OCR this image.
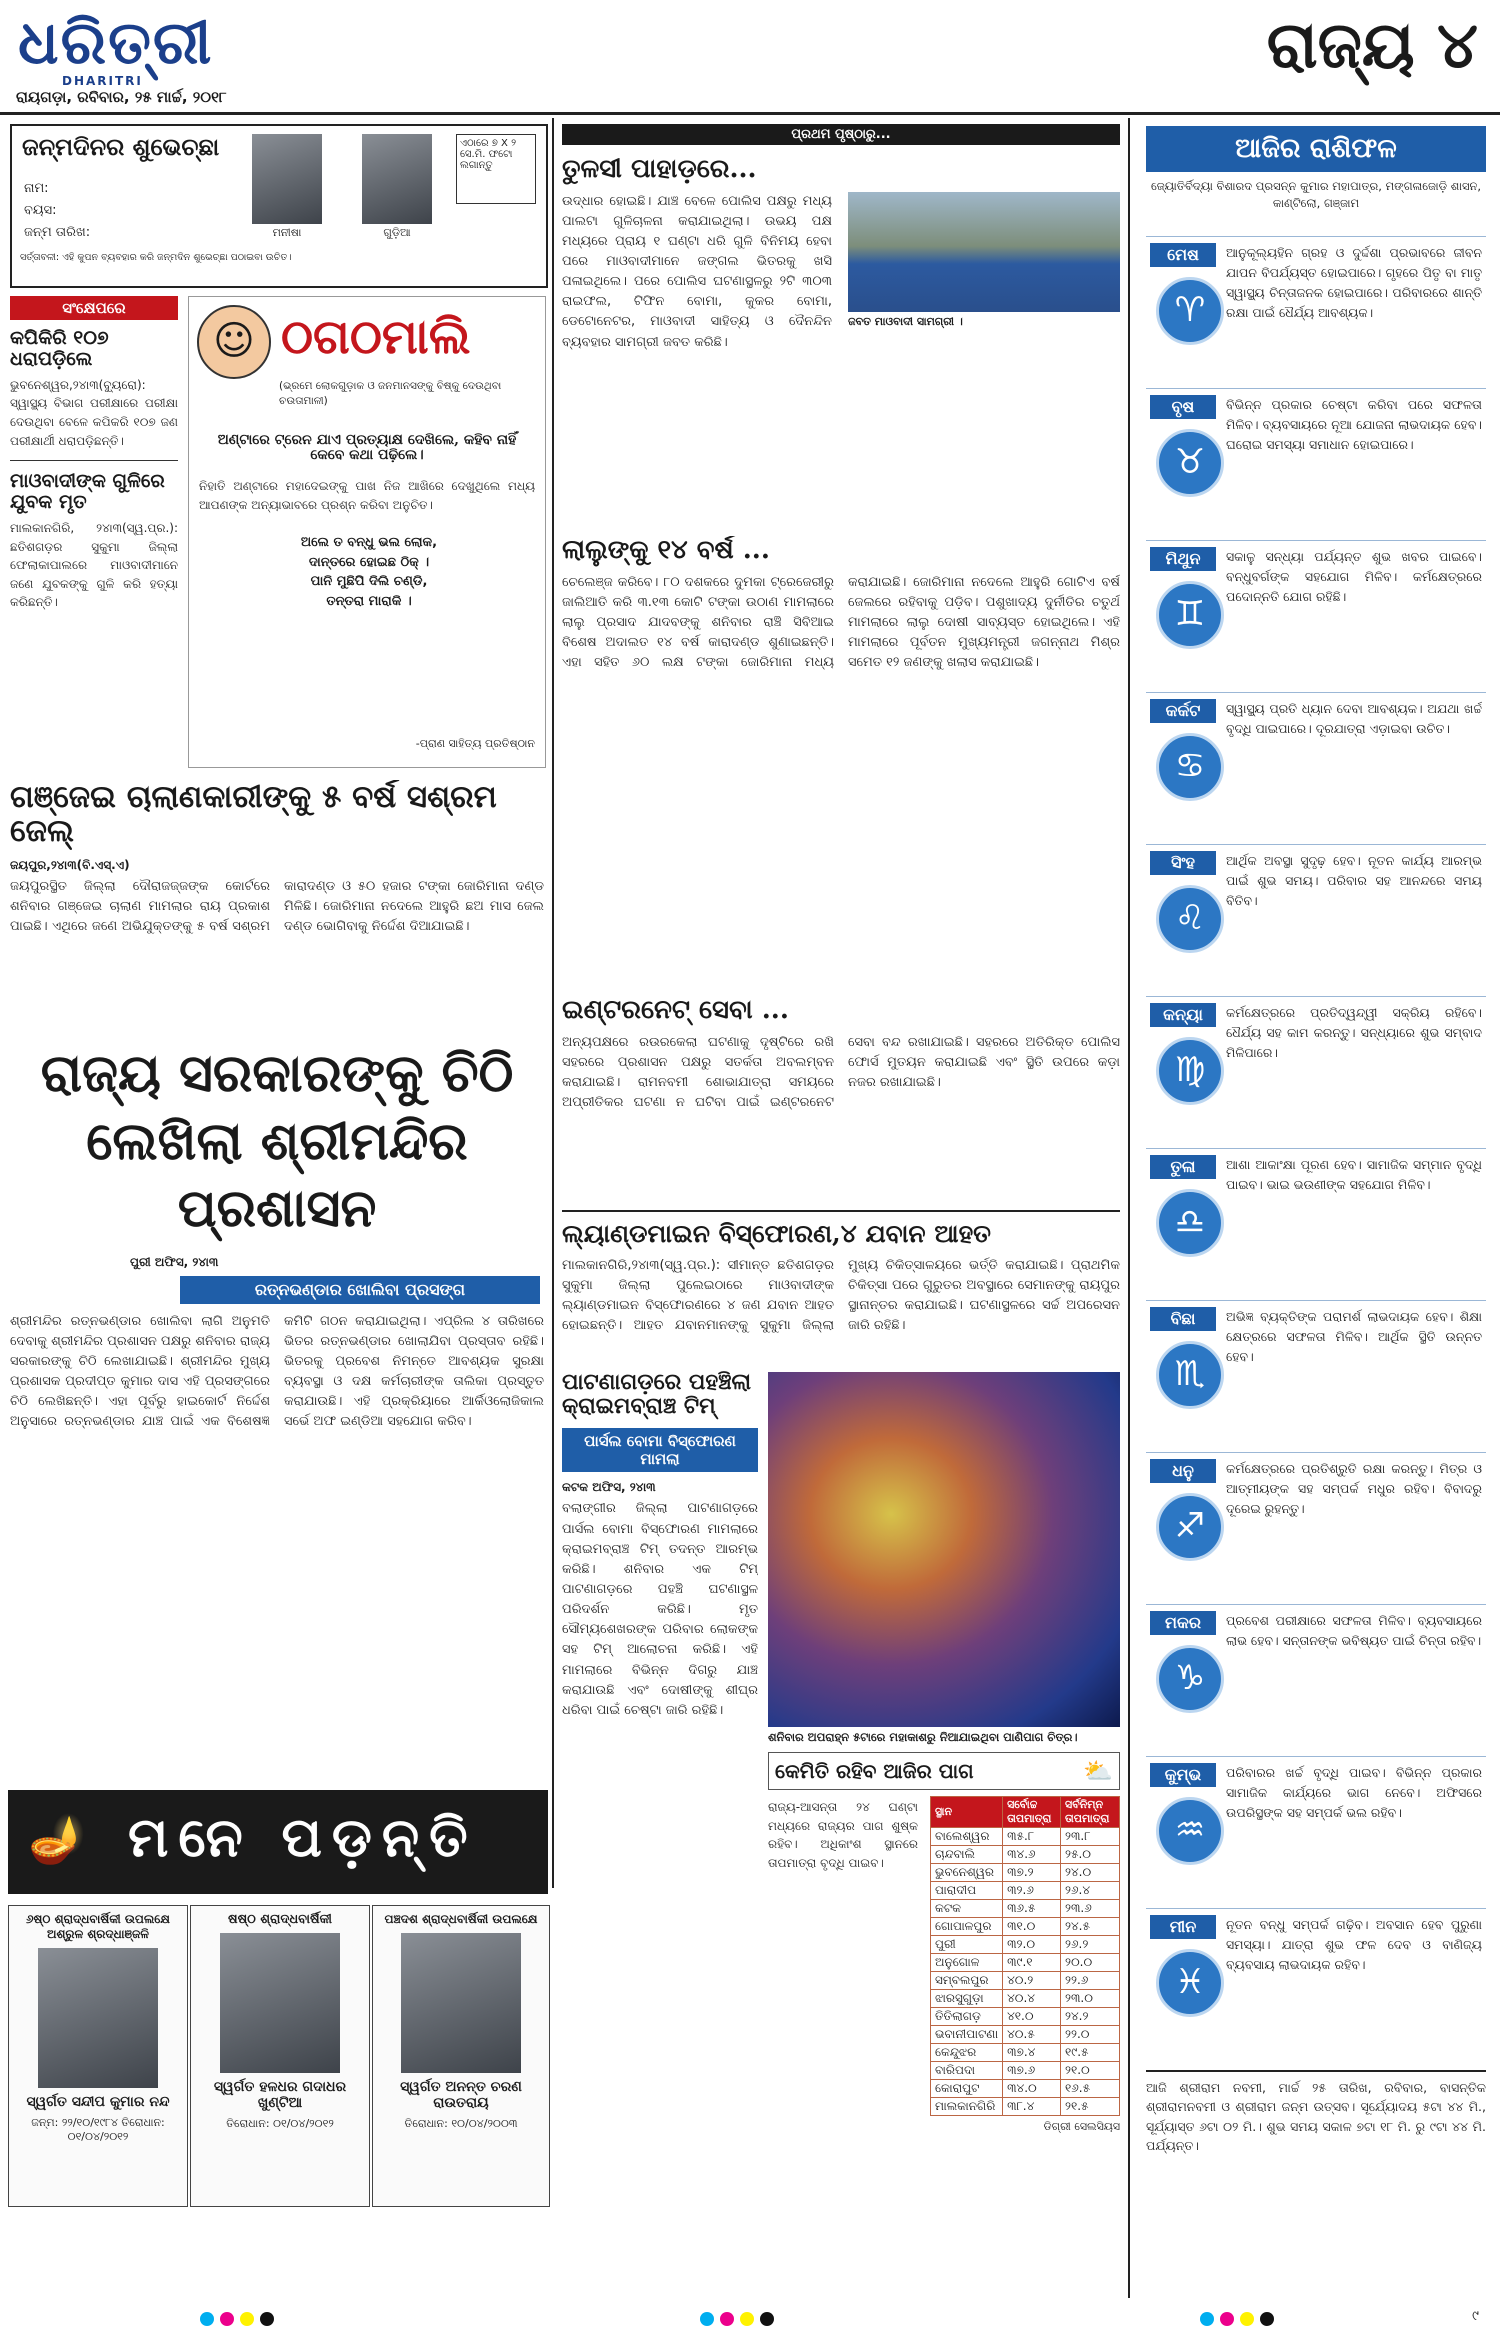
ଧରିତ୍ରୀ
DHARITRI
ରାୟଗଡ଼ା, ରବିବାର, ୨୫ ମାର୍ଚ୍ଚ, ୨୦୧୮
ରାଜ୍ୟ ୪
ଜନ୍ମଦିନର ଶୁଭେଚ୍ଛା
ନାମ:
ବୟସ:
ଜନ୍ମ ତାରିଖ:	ମନୀଷା	ଗୁଡ଼ିଆ
ଏଠାରେ ୭ X ୨ ସେ.ମି. ଫଟୋ ଲଗାନ୍ତୁ
ସର୍ତ୍ତାବଳୀ: ଏହି କୁପନ ବ୍ୟବହାର କରି ଜନ୍ମଦିନ ଶୁଭେଚ୍ଛା ପଠାଇବା ଉଚିତ।
ସଂକ୍ଷେପରେ
କପିକିରି ୧୦୭ ଧରାପଡ଼ିଲେ
ଭୁବନେଶ୍ୱର,୨୪ା୩(ବ୍ୟୁରୋ): ସ୍ୱାସ୍ଥ୍ୟ ବିଭାଗ ପରୀକ୍ଷାରେ ପରୀକ୍ଷା ଦେଉଥିବା ବେଳେ କପିକରି ୧୦୭ ଜଣ ପରୀକ୍ଷାର୍ଥୀ ଧରାପଡ଼ିଛନ୍ତି।
ମାଓବାଦୀଙ୍କ ଗୁଳିରେ ଯୁବକ ମୃତ
ମାଲକାନଗିରି, ୨୪ା୩(ସ୍ୱ.ପ୍ର.): ଛତିଶଗଡ଼ର ସୁକୁମା ଜିଲ୍ଲା ଫେଲାକାପାଲରେ ମାଓବାଦୀମାନେ ଜଣେ ଯୁବକଙ୍କୁ ଗୁଳି କରି ହତ୍ୟା କରିଛନ୍ତି।
☺ ଠଗଠମାଲି
(ଭ୍ରମେ ଲୋକଗୁଡ଼ାକ ଓ ଜନମାନସଙ୍କୁ ବିଷ୍କୁ ଦେଉଥିବା ଚଉତାମାଳୀ)
ଅଣ୍ଟାରେ ଟ୍ରେନ ଯାଏ ପ୍ରତ୍ୟାକ୍ଷ ଦେଖିଲେ, କହିବ ନାହିଁ କେବେ କଥା ପଢ଼ିଲେ।
ନିହାତି ଅଣ୍ଟାରେ ମହାଦେଇଙ୍କୁ ପାଖ ନିଜ ଆଖିରେ ଦେଖୁଥିଲେ ମଧ୍ୟ ଆପଣଙ୍କ ଅନ୍ୟାଭାବରେ ପ୍ରଶ୍ନ କରିବା ଅନୁଚିତ।
ଅଲେ ତ ବନ୍ଧୁ ଭଲ ଲୋକ,
ଦାନ୍ତରେ ହୋଇଛ ଠିକ୍ ।
ପାନି ମୁଛିପି ଦିଲି ଚଣ୍ଡି,
ତନ୍ତରା ମାରାକି ।
-ପ୍ରାଣ ସାହିତ୍ୟ ପ୍ରତିଷ୍ଠାନ
ଗଞ୍ଜେଇ ଚାଲାଣକାରୀଙ୍କୁ ୫ ବର୍ଷ ସଶ୍ରମ ଜେଲ୍
ଜୟପୁର,୨୪ା୩(ବି.ଏସ୍.ଏ)
ଜୟପୁରସ୍ଥିତ ଜିଲ୍ଲା ଦୌରାଜଜ୍ଜଙ୍କ କୋର୍ଟରେ ଶନିବାର ଗଞ୍ଜେଇ ଚାଲାଣ ମାମଲାର ରାୟ ପ୍ରକାଶ ପାଇଛି। ଏଥିରେ ଜଣେ ଅଭିଯୁକ୍ତଙ୍କୁ ୫ ବର୍ଷ ସଶ୍ରମ କାରାଦଣ୍ଡ ଓ ୫୦ ହଜାର ଟଙ୍କା ଜୋରିମାନା ଦଣ୍ଡ ମିଳିଛି। ଜୋରିମାନା ନଦେଲେ ଆହୁରି ଛଅ ମାସ ଜେଲ ଦଣ୍ଡ ଭୋଗିବାକୁ ନିର୍ଦ୍ଦେଶ ଦିଆଯାଇଛି।
ରାଜ୍ୟ ସରକାରଙ୍କୁ ଚିଠି ଲେଖିଲା ଶ୍ରୀମନ୍ଦିର ପ୍ରଶାସନ
ପୁରୀ ଅଫିସ, ୨୪ା୩
ରତ୍ନଭଣ୍ଡାର ଖୋଲିବା ପ୍ରସଙ୍ଗ
ଶ୍ରୀମନ୍ଦିର ରତ୍ନଭଣ୍ଡାର ଖୋଲିବା ଲାଗି ଅନୁମତି ଦେବାକୁ ଶ୍ରୀମନ୍ଦିର ପ୍ରଶାସନ ପକ୍ଷରୁ ଶନିବାର ରାଜ୍ୟ ସରକାରଙ୍କୁ ଚିଠି ଲେଖାଯାଇଛି। ଶ୍ରୀମନ୍ଦିର ମୁଖ୍ୟ ପ୍ରଶାସକ ପ୍ରଦୀପ୍ତ କୁମାର ଦାସ ଏହି ପ୍ରସଙ୍ଗରେ ଚିଠି ଲେଖିଛନ୍ତି। ଏହା ପୂର୍ବରୁ ହାଇକୋର୍ଟ ନିର୍ଦ୍ଦେଶ ଅନୁସାରେ ରତ୍ନଭଣ୍ଡାର ଯାଞ୍ଚ ପାଇଁ ଏକ ବିଶେଷଜ୍ଞ କମିଟି ଗଠନ କରାଯାଇଥିଲା। ଏପ୍ରିଲ ୪ ତାରିଖରେ ଭିତର ରତ୍ନଭଣ୍ଡାର ଖୋଲାଯିବା ପ୍ରସ୍ତାବ ରହିଛି। ଭିତରକୁ ପ୍ରବେଶ ନିମନ୍ତେ ଆବଶ୍ୟକ ସୁରକ୍ଷା ବ୍ୟବସ୍ଥା ଓ ଦକ୍ଷ କର୍ମଚାରୀଙ୍କ ତାଲିକା ପ୍ରସ୍ତୁତ କରାଯାଉଛି। ଏହି ପ୍ରକ୍ରିୟାରେ ଆର୍କିଓଲୋଜିକାଲ ସର୍ଭେ ଅଫ ଇଣ୍ଡିଆ ସହଯୋଗ କରିବ।
🪔 ମନେ ପଡ଼ନ୍ତି
୬ଷ୍ଠ ଶ୍ରାଦ୍ଧବାର୍ଷିକୀ ଉପଲକ୍ଷେ ଅଶ୍ରୁଳ ଶ୍ରଦ୍ଧାଞ୍ଜଳି
ସ୍ୱର୍ଗତ ସନ୍ଦୀପ କୁମାର ନନ୍ଦ
ଜନ୍ମ: ୨୨/୧୦/୧୯୮୪ ତିରୋଧାନ: ୦୧/୦୪/୨୦୧୨
ଷଷ୍ଠ ଶ୍ରାଦ୍ଧବାର୍ଷିକୀ
ସ୍ୱର୍ଗତ ହଳଧର ଗଦାଧର ଖୁଣ୍ଟିଆ
ତିରୋଧାନ: ୦୧/୦୪/୨୦୧୨
ପଞ୍ଚଦଶ ଶ୍ରାଦ୍ଧବାର୍ଷିକୀ ଉପଲକ୍ଷେ
ସ୍ୱର୍ଗତ ଅନନ୍ତ ଚରଣ ରାଉତରାୟ
ତିରୋଧାନ: ୧୦/୦୪/୨୦୦୩
ପ୍ରଥମ ପୃଷ୍ଠାରୁ...
ତୁଳସୀ ପାହାଡ଼ରେ...
ଉଦ୍ଧାର ହୋଇଛି। ଯାଞ୍ଚ ବେଳେ ପୋଲିସ ପକ୍ଷରୁ ମଧ୍ୟ ପାଲଟା ଗୁଳିଚାଳନା କରାଯାଇଥିଲା। ଉଭୟ ପକ୍ଷ ମଧ୍ୟରେ ପ୍ରାୟ ୧ ଘଣ୍ଟା ଧରି ଗୁଳି ବିନିମୟ ହେବା ପରେ ମାଓବାଦୀମାନେ ଜଙ୍ଗଲ ଭିତରକୁ ଖସି ପଳାଇଥିଲେ। ପରେ ପୋଲିସ ଘଟଣାସ୍ଥଳରୁ ୨ଟି ୩୦୩ ରାଇଫଲ, ଟିଫିନ ବୋମା, କୁକର ବୋମା, ଡେଟୋନେଟର, ମାଓବାଦୀ ସାହିତ୍ୟ ଓ ଦୈନନ୍ଦିନ ବ୍ୟବହାର ସାମଗ୍ରୀ ଜବତ କରିଛି।
ଜବତ ମାଓବାଦୀ ସାମଗ୍ରୀ ।
ଲାଲୁଙ୍କୁ ୧୪ ବର୍ଷ ...
ଚେଲେଞ୍ଜ କରିବେ। ୮୦ ଦଶକରେ ଦୁମକା ଟ୍ରେଜେରୀରୁ ଜାଲିଆତି କରି ୩.୧୩ କୋଟି ଟଙ୍କା ଉଠାଣ ମାମଲାରେ ଲାଲୁ ପ୍ରସାଦ ଯାଦବଙ୍କୁ ଶନିବାର ରାଞ୍ଚି ସିବିଆଇ ବିଶେଷ ଅଦାଲତ ୧୪ ବର୍ଷ କାରାଦଣ୍ଡ ଶୁଣାଇଛନ୍ତି। ଏହା ସହିତ ୬୦ ଲକ୍ଷ ଟଙ୍କା ଜୋରିମାନା ମଧ୍ୟ କରାଯାଇଛି। ଜୋରିମାନା ନଦେଲେ ଆହୁରି ଗୋଟିଏ ବର୍ଷ ଜେଲରେ ରହିବାକୁ ପଡ଼ିବ। ପଶୁଖାଦ୍ୟ ଦୁର୍ନୀତିର ଚତୁର୍ଥ ମାମଲାରେ ଲାଲୁ ଦୋଷୀ ସାବ୍ୟସ୍ତ ହୋଇଥିଲେ। ଏହି ମାମଲାରେ ପୂର୍ବତନ ମୁଖ୍ୟମନ୍ତ୍ରୀ ଜଗନ୍ନାଥ ମିଶ୍ର ସମେତ ୧୨ ଜଣଙ୍କୁ ଖଲାସ କରାଯାଇଛି।
ଇଣ୍ଟରନେଟ୍ ସେବା ...
ଅନ୍ୟପକ୍ଷରେ ରଉରକେଲା ଘଟଣାକୁ ଦୃଷ୍ଟିରେ ରଖି ସହରରେ ପ୍ରଶାସନ ପକ୍ଷରୁ ସତର୍କତା ଅବଲମ୍ବନ କରାଯାଇଛି। ରାମନବମୀ ଶୋଭାଯାତ୍ରା ସମୟରେ ଅପ୍ରୀତିକର ଘଟଣା ନ ଘଟିବା ପାଇଁ ଇଣ୍ଟରନେଟ ସେବା ବନ୍ଦ ରଖାଯାଇଛି। ସହରରେ ଅତିରିକ୍ତ ପୋଲିସ ଫୋର୍ସ ମୁତୟନ କରାଯାଇଛି ଏବଂ ସ୍ଥିତି ଉପରେ କଡ଼ା ନଜର ରଖାଯାଇଛି।
ଲ୍ୟାଣ୍ଡମାଇନ ବିସ୍ଫୋରଣ,୪ ଯବାନ ଆହତ
ମାଲକାନଗିରି,୨୪ା୩(ସ୍ୱ.ପ୍ର.): ସୀମାନ୍ତ ଛତିଶଗଡ଼ର ସୁକୁମା ଜିଲ୍ଲା ପୁଲେଇଠାରେ ମାଓବାଦୀଙ୍କ ଲ୍ୟାଣ୍ଡମାଇନ ବିସ୍ଫୋରଣରେ ୪ ଜଣ ଯବାନ ଆହତ ହୋଇଛନ୍ତି। ଆହତ ଯବାନମାନଙ୍କୁ ସୁକୁମା ଜିଲ୍ଲା ମୁଖ୍ୟ ଚିକିତ୍ସାଳୟରେ ଭର୍ତ୍ତି କରାଯାଇଛି। ପ୍ରାଥମିକ ଚିକିତ୍ସା ପରେ ଗୁରୁତର ଅବସ୍ଥାରେ ସେମାନଙ୍କୁ ରାୟପୁର ସ୍ଥାନାନ୍ତର କରାଯାଇଛି। ଘଟଣାସ୍ଥଳରେ ସର୍ଚ୍ଚ ଅପରେସନ ଜାରି ରହିଛି।
ପାଟଣାଗଡ଼ରେ ପହଞ୍ଚିଲା କ୍ରାଇମବ୍ରାଞ୍ଚ ଟିମ୍
ପାର୍ସଲ ବୋମା ବିସ୍ଫୋରଣ ମାମଲା
କଟକ ଅଫିସ, ୨୪ା୩
ବଲାଙ୍ଗୀର ଜିଲ୍ଲା ପାଟଣାଗଡ଼ରେ ପାର୍ସଲ ବୋମା ବିସ୍ଫୋରଣ ମାମଲାରେ କ୍ରାଇମବ୍ରାଞ୍ଚ ଟିମ୍ ତଦନ୍ତ ଆରମ୍ଭ କରିଛି। ଶନିବାର ଏକ ଟିମ୍ ପାଟଣାଗଡ଼ରେ ପହଞ୍ଚି ଘଟଣାସ୍ଥଳ ପରିଦର୍ଶନ କରିଛି। ମୃତ ସୌମ୍ୟଶେଖରଙ୍କ ପରିବାର ଲୋକଙ୍କ ସହ ଟିମ୍ ଆଲୋଚନା କରିଛି। ଏହି ମାମଲାରେ ବିଭିନ୍ନ ଦିଗରୁ ଯାଞ୍ଚ କରାଯାଉଛି ଏବଂ ଦୋଷୀଙ୍କୁ ଶୀଘ୍ର ଧରିବା ପାଇଁ ଚେଷ୍ଟା ଜାରି ରହିଛି।
ଶନିବାର ଅପରାହ୍ନ ୫ଟାରେ ମହାକାଶରୁ ନିଆଯାଇଥିବା ପାଣିପାଗ ଚିତ୍ର।
କେମିତି ରହିବ ଆଜିର ପାଗ	⛅
ରାଜ୍ୟ-ଆସନ୍ତା ୨୪ ଘଣ୍ଟା ମଧ୍ୟରେ ରାଜ୍ୟର ପାଗ ଶୁଷ୍କ ରହିବ। ଅଧିକାଂଶ ସ୍ଥାନରେ ତାପମାତ୍ରା ବୃଦ୍ଧି ପାଇବ।
ସ୍ଥାନ	ସର୍ବୋଚ୍ଚ ତାପମାତ୍ରା	ସର୍ବନିମ୍ନ ତାପମାତ୍ରା
ବାଲେଶ୍ୱର	୩୫.୮	୨୩.୮
ଚାନ୍ଦବାଲି	୩୪.୬	୨୫.୦
ଭୁବନେଶ୍ୱର	୩୭.୨	୨୪.୦
ପାରାଦୀପ	୩୨.୬	୨୬.୪
କଟକ	୩୬.୫	୨୩.୬
ଗୋପାଳପୁର	୩୧.୦	୨୪.୫
ପୁରୀ	୩୨.୦	୨୬.୨
ଅନୁଗୋଳ	୩୯.୧	୨୦.୦
ସମ୍ବଲପୁର	୪୦.୨	୨୨.୬
ଝାରସୁଗୁଡ଼ା	୪୦.୪	୨୩.୦
ତିତିଲାଗଡ଼	୪୧.୦	୨୪.୨
ଭବାନୀପାଟଣା	୪୦.୫	୨୨.୦
କେନ୍ଦୁଝର	୩୭.୪	୧୯.୫
ବାରିପଦା	୩୭.୬	୨୧.୦
କୋରାପୁଟ	୩୪.୦	୧୬.୫
ମାଲକାନଗିରି	୩୮.୪	୨୧.୫
ଡିଗ୍ରୀ ସେଲସିୟସ
ଆଜିର ରାଶିଫଳ
ଜ୍ୟୋତିର୍ବିଦ୍ୟା ବିଶାରଦ ପ୍ରସନ୍ନ କୁମାର ମହାପାତ୍ର, ମଙ୍ଗଳାଜୋଡ଼ି ଶାସନ, କାଣ୍ଟିଲୋ, ଗଞ୍ଜାମ
ମେଷ
♈
ଆନୁକୂଲ୍ୟହିନ ଗ୍ରହ ଓ ଦୁର୍ଦ୍ଦଶା ପ୍ରଭାବରେ ଜୀବନ ଯାପନ ବିପର୍ଯ୍ୟସ୍ତ ହୋଇପାରେ। ଗୃହରେ ପିତୃ ବା ମାତୃ ସ୍ୱାସ୍ଥ୍ୟ ଚିନ୍ତାଜନକ ହୋଇପାରେ। ପରିବାରରେ ଶାନ୍ତି ରକ୍ଷା ପାଇଁ ଧୈର୍ଯ୍ୟ ଆବଶ୍ୟକ।
ବୃଷ
♉
ବିଭିନ୍ନ ପ୍ରକାର ଚେଷ୍ଟା କରିବା ପରେ ସଫଳତା ମିଳିବ। ବ୍ୟବସାୟରେ ନୂଆ ଯୋଜନା ଲାଭଦାୟକ ହେବ। ଘରୋଇ ସମସ୍ୟା ସମାଧାନ ହୋଇପାରେ।
ମିଥୁନ
♊
ସକାଳୁ ସନ୍ଧ୍ୟା ପର୍ଯ୍ୟନ୍ତ ଶୁଭ ଖବର ପାଇବେ। ବନ୍ଧୁବର୍ଗଙ୍କ ସହଯୋଗ ମିଳିବ। କର୍ମକ୍ଷେତ୍ରରେ ପଦୋନ୍ନତି ଯୋଗ ରହିଛି।
କର୍କଟ
♋
ସ୍ୱାସ୍ଥ୍ୟ ପ୍ରତି ଧ୍ୟାନ ଦେବା ଆବଶ୍ୟକ। ଅଯଥା ଖର୍ଚ୍ଚ ବୃଦ୍ଧି ପାଇପାରେ। ଦୂରଯାତ୍ରା ଏଡ଼ାଇବା ଉଚିତ।
ସିଂହ
♌
ଆର୍ଥିକ ଅବସ୍ଥା ସୁଦୃଢ଼ ହେବ। ନୂତନ କାର୍ଯ୍ୟ ଆରମ୍ଭ ପାଇଁ ଶୁଭ ସମୟ। ପରିବାର ସହ ଆନନ୍ଦରେ ସମୟ ବିତିବ।
କନ୍ୟା
♍
କର୍ମକ୍ଷେତ୍ରରେ ପ୍ରତିଦ୍ୱନ୍ଦ୍ୱୀ ସକ୍ରିୟ ରହିବେ। ଧୈର୍ଯ୍ୟ ସହ କାମ କରନ୍ତୁ। ସନ୍ଧ୍ୟାରେ ଶୁଭ ସମ୍ବାଦ ମିଳିପାରେ।
ତୁଳା
♎
ଆଶା ଆକାଂକ୍ଷା ପୂରଣ ହେବ। ସାମାଜିକ ସମ୍ମାନ ବୃଦ୍ଧି ପାଇବ। ଭାଇ ଭଉଣୀଙ୍କ ସହଯୋଗ ମିଳିବ।
ବିଛା
♏
ଅଭିଜ୍ଞ ବ୍ୟକ୍ତିଙ୍କ ପରାମର୍ଶ ଲାଭଦାୟକ ହେବ। ଶିକ୍ଷା କ୍ଷେତ୍ରରେ ସଫଳତା ମିଳିବ। ଆର୍ଥିକ ସ୍ଥିତି ଉନ୍ନତ ହେବ।
ଧନୁ
♐
କର୍ମକ୍ଷେତ୍ରରେ ପ୍ରତିଶ୍ରୁତି ରକ୍ଷା କରନ୍ତୁ। ମିତ୍ର ଓ ଆତ୍ମୀୟଙ୍କ ସହ ସମ୍ପର୍କ ମଧୁର ରହିବ। ବିବାଦରୁ ଦୂରେଇ ରୁହନ୍ତୁ।
ମକର
♑
ପ୍ରବେଶ ପରୀକ୍ଷାରେ ସଫଳତା ମିଳିବ। ବ୍ୟବସାୟରେ ଲାଭ ହେବ। ସନ୍ତାନଙ୍କ ଭବିଷ୍ୟତ ପାଇଁ ଚିନ୍ତା ରହିବ।
କୁମ୍ଭ
♒
ପରିବାରର ଖର୍ଚ୍ଚ ବୃଦ୍ଧି ପାଇବ। ବିଭିନ୍ନ ପ୍ରକାର ସାମାଜିକ କାର୍ଯ୍ୟରେ ଭାଗ ନେବେ। ଅଫିସରେ ଉପରିସ୍ଥଙ୍କ ସହ ସମ୍ପର୍କ ଭଲ ରହିବ।
ମୀନ
♓
ନୂତନ ବନ୍ଧୁ ସମ୍ପର୍କ ଗଢ଼ିବ। ଅବସାନ ହେବ ପୁରୁଣା ସମସ୍ୟା। ଯାତ୍ରା ଶୁଭ ଫଳ ଦେବ ଓ ବାଣିଜ୍ୟ ବ୍ୟବସାୟ ଲାଭଦାୟକ ରହିବ।
ଆଜି ଶ୍ରୀରାମ ନବମୀ, ମାର୍ଚ୍ଚ ୨୫ ତାରିଖ, ରବିବାର, ବାସନ୍ତିକ ଶ୍ରୀରାମନବମୀ ଓ ଶ୍ରୀରାମ ଜନ୍ମ ଉତ୍ସବ। ସୂର୍ଯ୍ୟୋଦୟ ୫ଟା ୪୪ ମି., ସୂର୍ଯ୍ୟାସ୍ତ ୬ଟା ୦୨ ମି.। ଶୁଭ ସମୟ ସକାଳ ୭ଟା ୧୮ ମି. ରୁ ୯ଟା ୪୪ ମି. ପର୍ଯ୍ୟନ୍ତ।
୯
